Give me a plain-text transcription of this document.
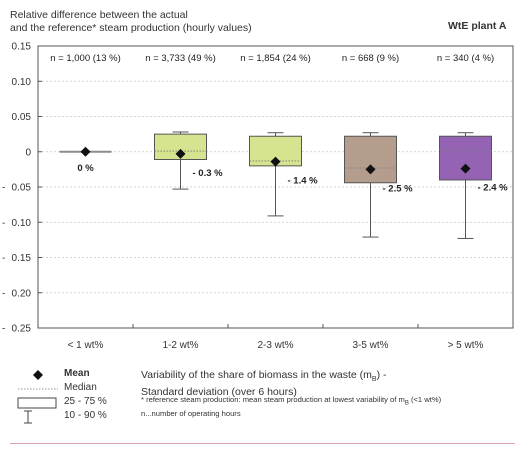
Relative difference between the actual
and the reference* steam production (hourly values)	WtE plant A
0.15
0.10
0.05
0
0.05
-
0.10
-
0.15
-
0.20
-
0.25
-
n = 1,000 (13 %)	n = 3,733 (49 %)	n = 1,854 (24 %)	n = 668 (9 %)	n = 340 (4 %)
0 %	- 0.3 %
- 1.4 %
- 2.5 %	- 2.4 %
< 1 wt%	1-2 wt%	2-3 wt%	3-5 wt%	> 5 wt%
Mean
Median
25 - 75 %
10 - 90 %
Variability of the share of biomass in the waste $(m_B)$ -
Standard deviation (over 6 hours)
* reference steam production: mean steam production at lowest variability of $m_B$ (<1 wt%)
n...number of operating hours
